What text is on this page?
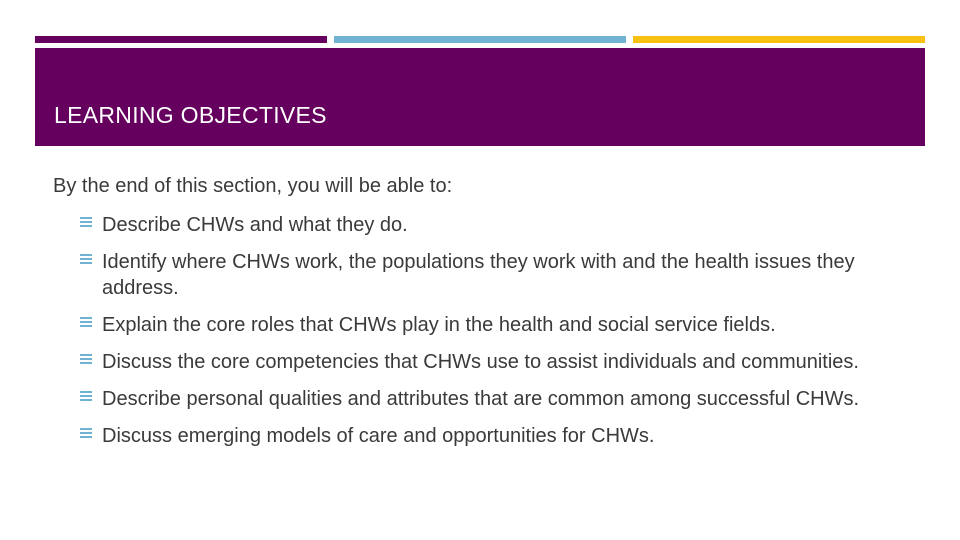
LEARNING OBJECTIVES
By the end of this section, you will be able to:
Describe CHWs and what they do.
Identify where CHWs work, the populations they work with and the health issues they address.
Explain the core roles that CHWs play in the health and social service fields.
Discuss the core competencies that CHWs use to assist individuals and communities.
Describe personal qualities and attributes that are common among successful CHWs.
Discuss emerging models of care and opportunities for CHWs.
